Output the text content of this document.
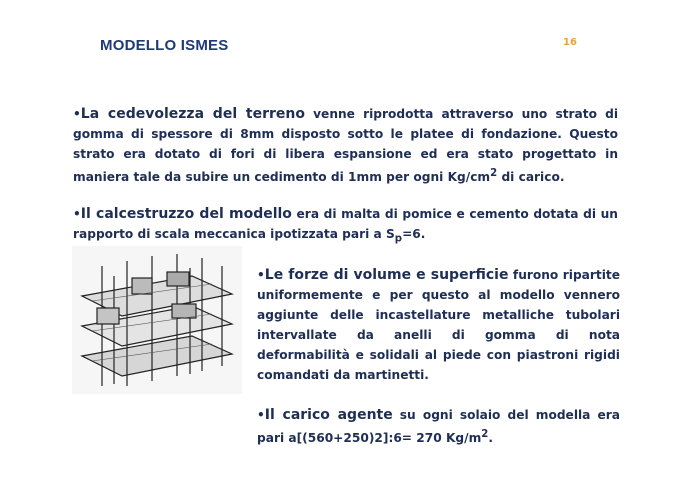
MODELLO ISMES	16
•La cedevolezza del terreno venne riprodotta attraverso uno strato di gomma di spessore di 8mm disposto sotto le platee di fondazione. Questo strato era dotato di fori di libera espansione ed era stato progettato in maniera tale da subire un cedimento di 1mm per ogni $Kg/cm^2$ di carico.
•Il calcestruzzo del modello era di malta di pomice e cemento dotata di un rapporto di scala meccanica ipotizzata pari a $S_p=6$.
•Le forze di volume e superficie furono ripartite uniformemente e per questo al modello vennero aggiunte delle incastellature metalliche tubolari intervallate da anelli di gomma di nota deformabilità e solidali al piede con piastroni rigidi comandati da martinetti.
•Il carico agente su ogni solaio del modella era pari a[(560+250)2]:6= 270 $Kg/m^2$.
